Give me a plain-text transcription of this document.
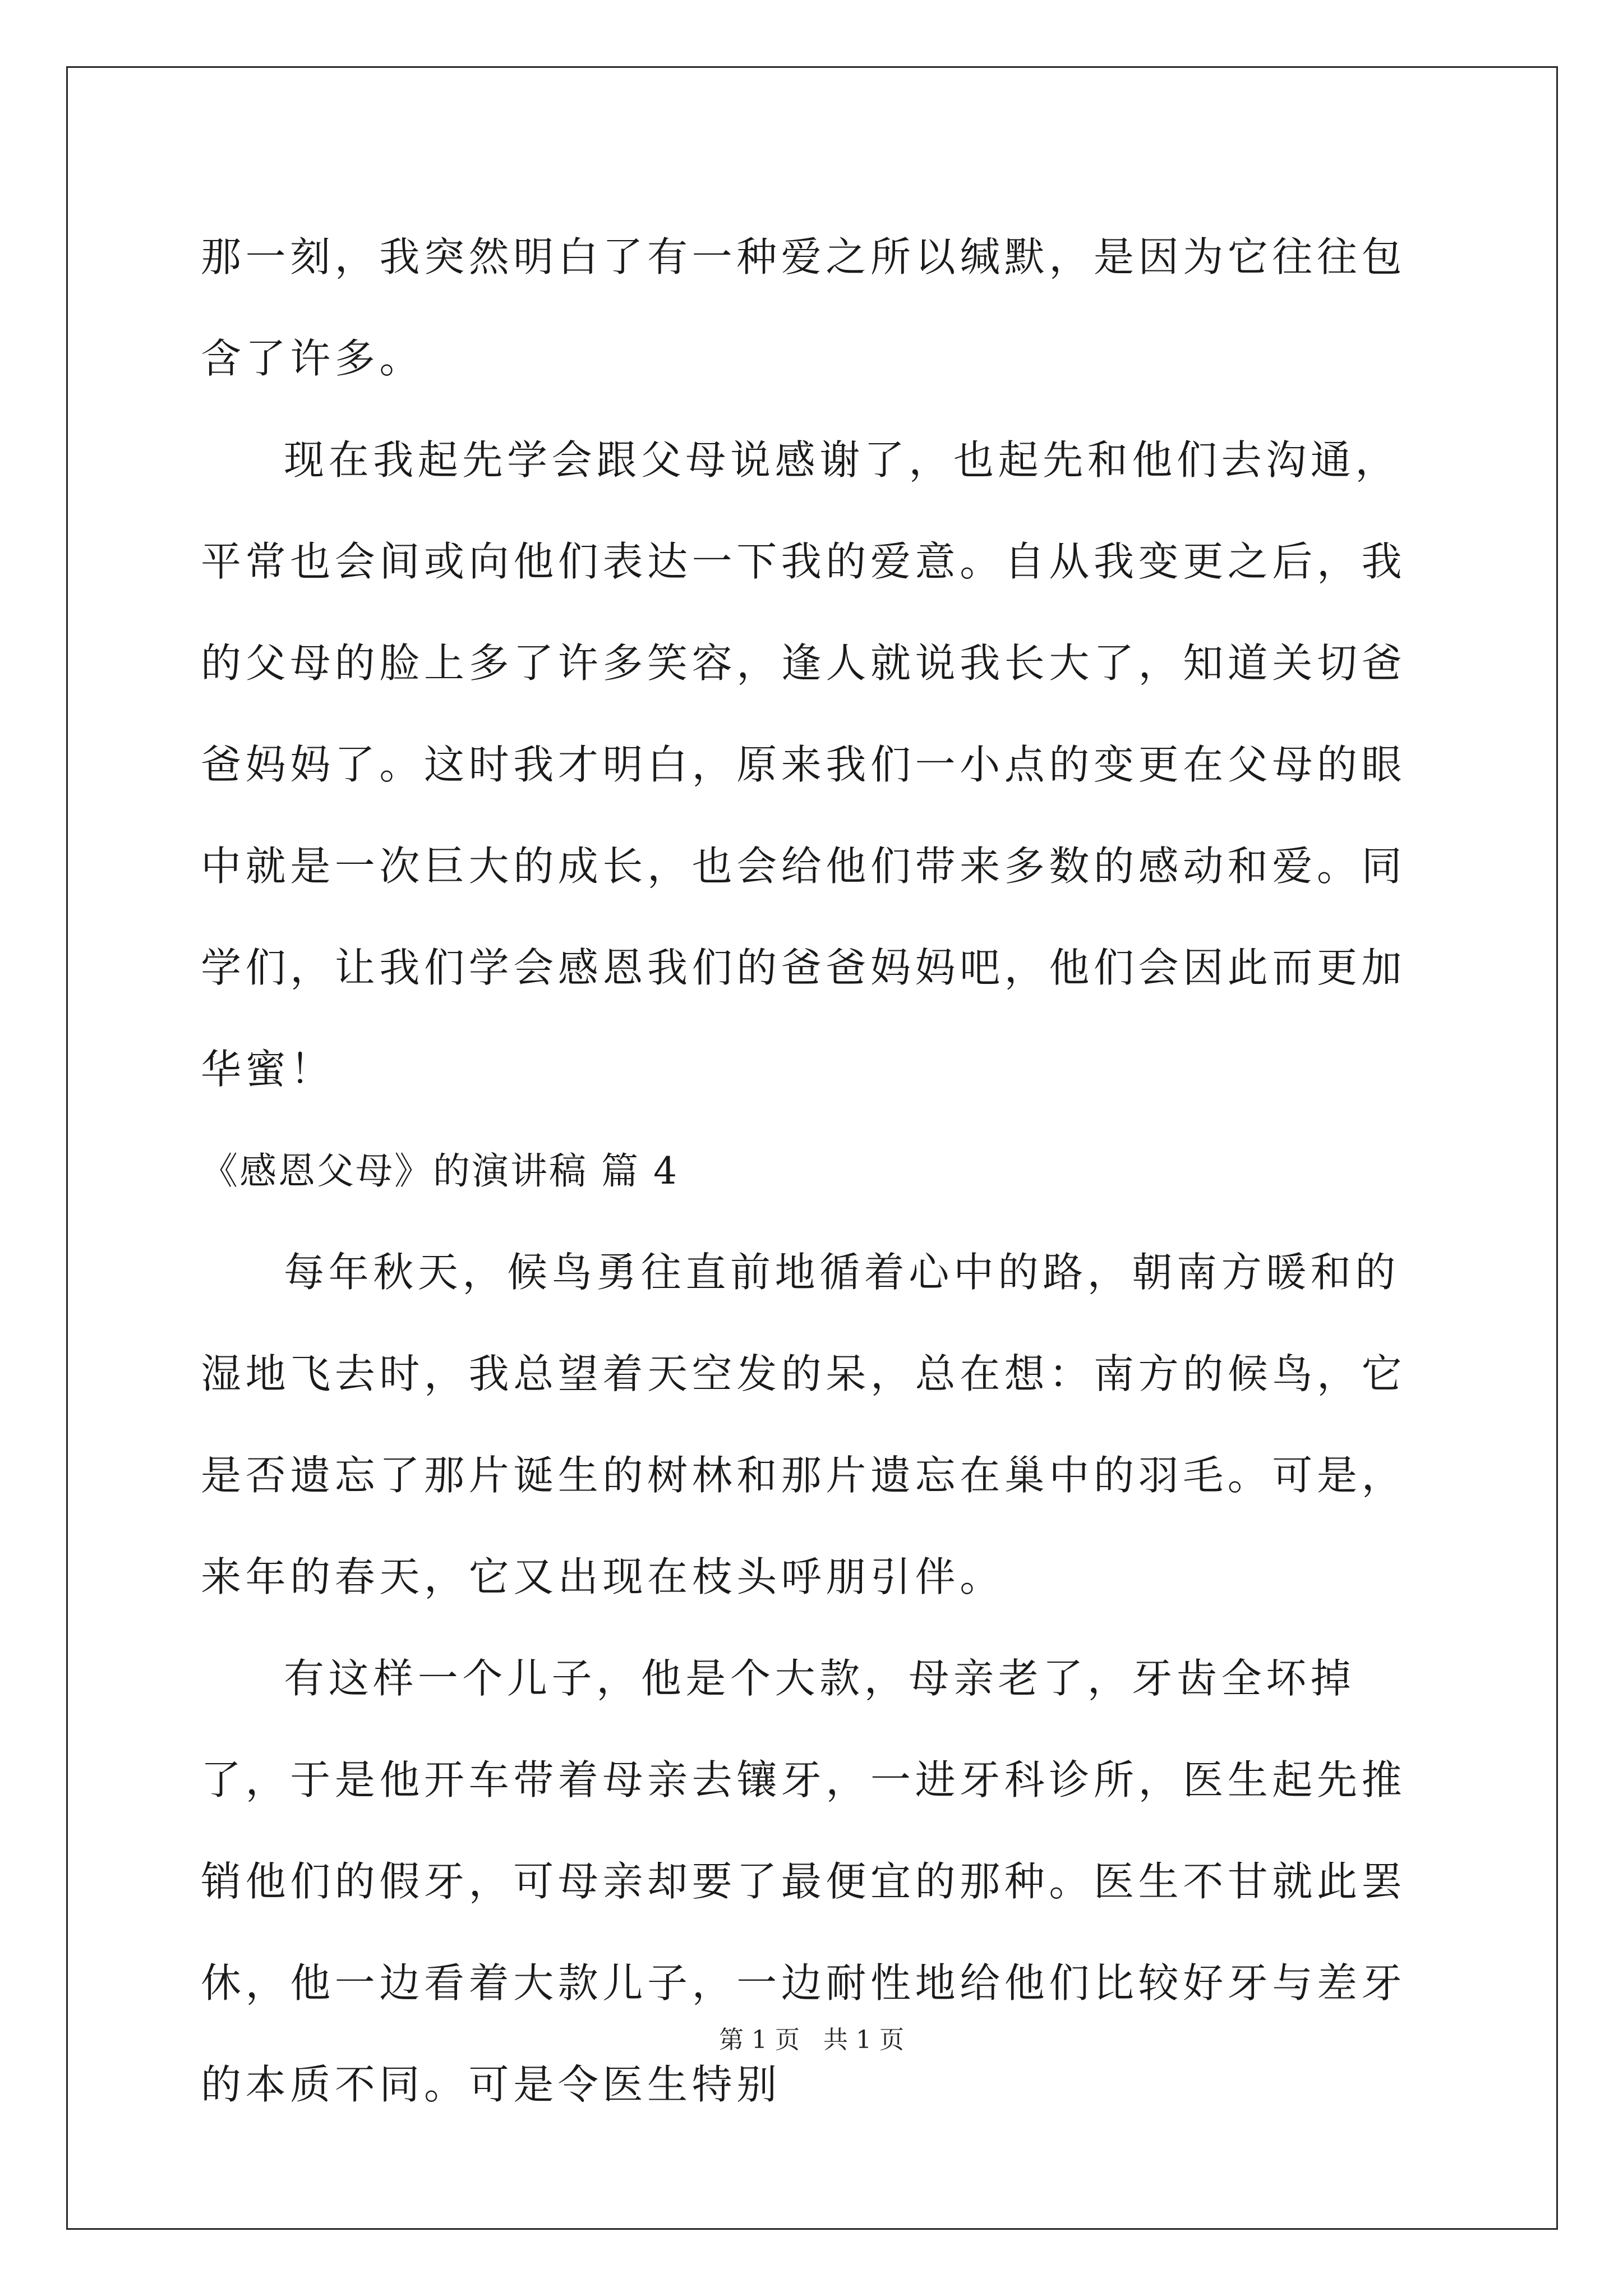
那一刻，我突然明白了有一种爱之所以缄默，是因为它往往包含了许多。

现在我起先学会跟父母说感谢了，也起先和他们去沟通，平常也会间或向他们表达一下我的爱意。自从我变更之后，我的父母的脸上多了许多笑容，逢人就说我长大了，知道关切爸爸妈妈了。这时我才明白，原来我们一小点的变更在父母的眼中就是一次巨大的成长，也会给他们带来多数的感动和爱。同学们，让我们学会感恩我们的爸爸妈妈吧，他们会因此而更加华蜜！

《感恩父母》的演讲稿 篇 4

每年秋天，候鸟勇往直前地循着心中的路，朝南方暖和的湿地飞去时，我总望着天空发的呆，总在想：南方的候鸟，它是否遗忘了那片诞生的树林和那片遗忘在巢中的羽毛。可是，来年的春天，它又出现在枝头呼朋引伴。

有这样一个儿子，他是个大款，母亲老了，牙齿全坏掉了，于是他开车带着母亲去镶牙，一进牙科诊所，医生起先推销他们的假牙，可母亲却要了最便宜的那种。医生不甘就此罢休，他一边看着大款儿子，一边耐性地给他们比较好牙与差牙的本质不同。可是令医生特别

第 1 页 共 1 页
